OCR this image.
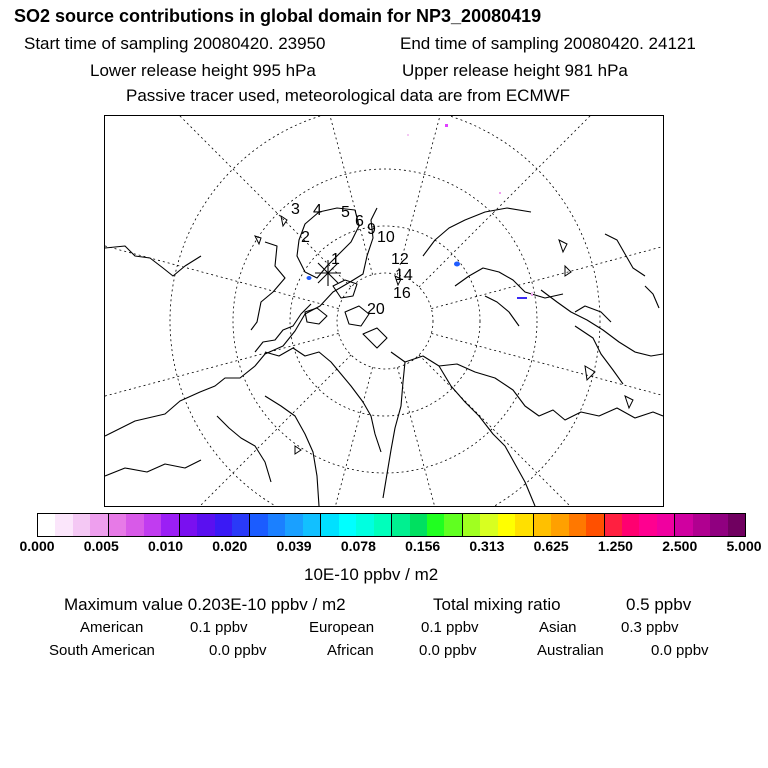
SO2 source contributions in global domain for NP3_20080419
Start time of sampling 20080420. 23950	End time of sampling 20080420. 24121
Lower release height 995 hPa	Upper release height 981 hPa
Passive tracer used, meteorological data are from ECMWF
1
2
3 4 5
6 9 10
12
14
16
20
0.000 0.005 0.010 0.020 0.039 0.078 0.156 0.313 0.625 1.250 2.500 5.000
10E-10 ppbv / m2
Maximum value 0.203E-10 ppbv / m2	Total mixing ratio	0.5 ppbv
American	0.1 ppbv	European	0.1 ppbv	Asian	0.3 ppbv
South American	0.0 ppbv	African	0.0 ppbv	Australian	0.0 ppbv
